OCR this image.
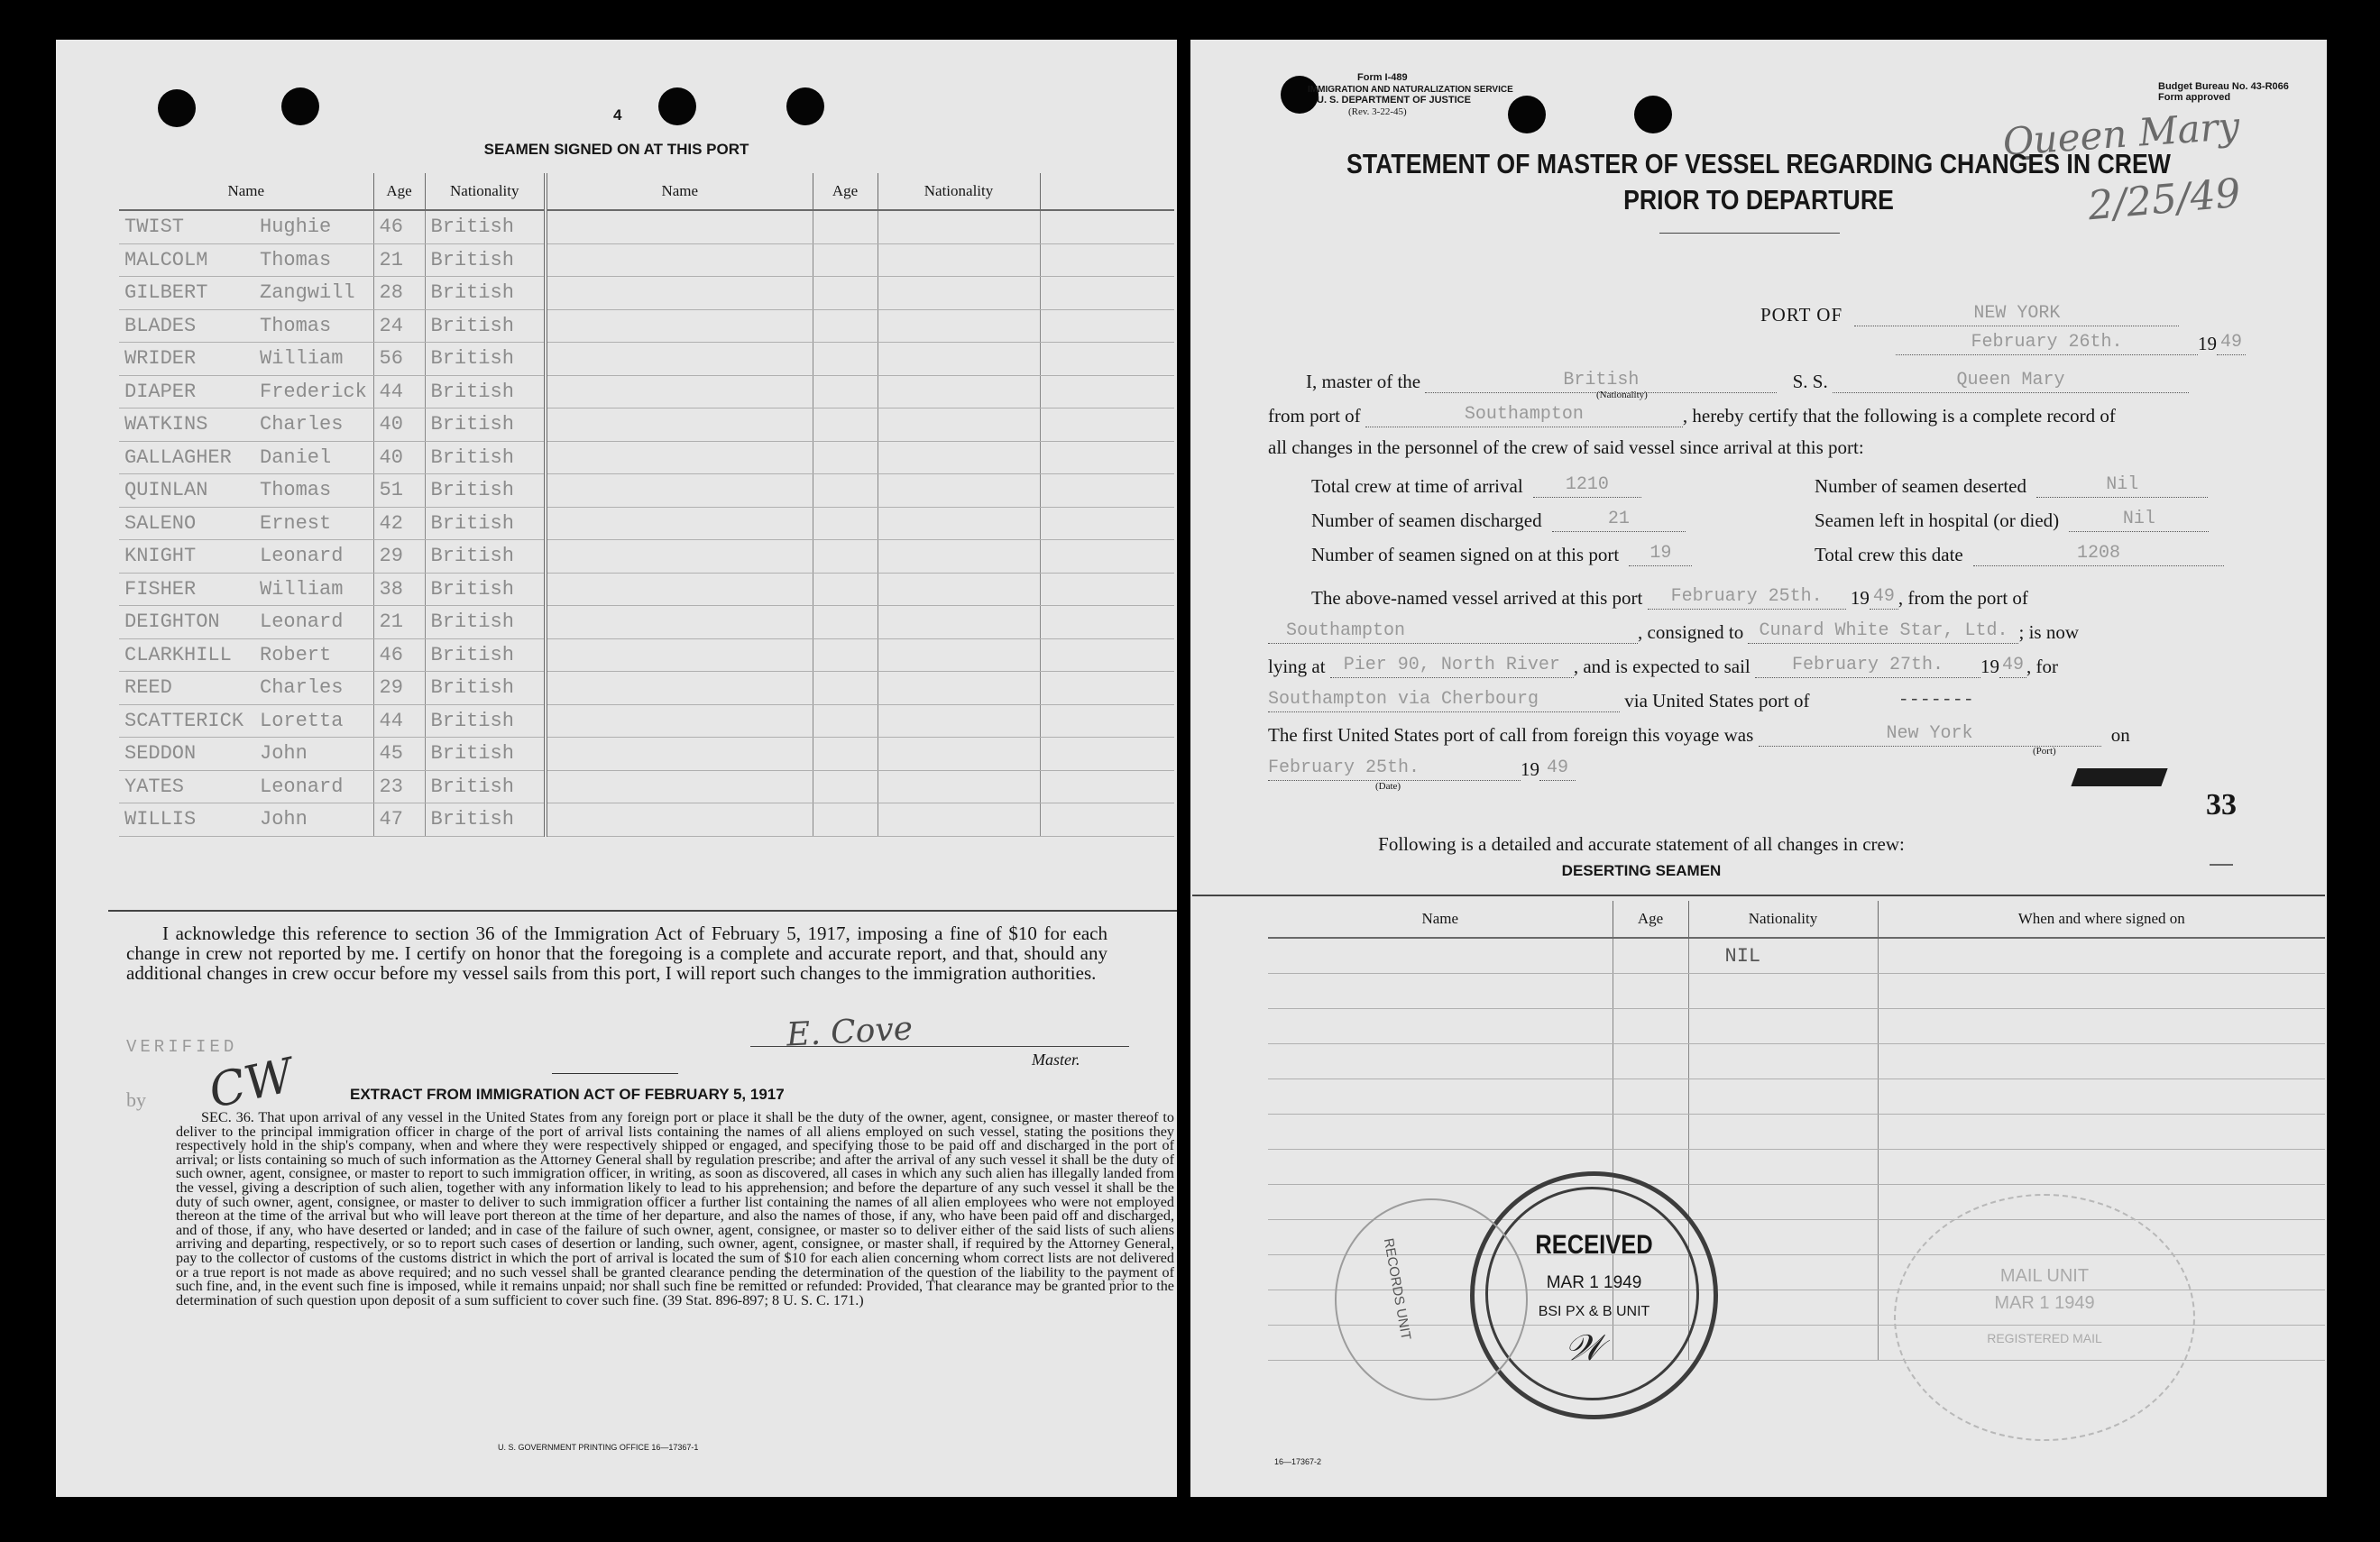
4
SEAMEN SIGNED ON AT THIS PORT
Name	Age	Nationality	Name	Age	Nationality	
TWIST Hughie	46	British				
MALCOLM Thomas	21	British				
GILBERT Zangwill	28	British				
BLADES Thomas	24	British				
WRIDER William	56	British				
DIAPER Frederick	44	British				
WATKINS Charles	40	British				
GALLAGHER Daniel	40	British				
QUINLAN Thomas	51	British				
SALENO Ernest	42	British				
KNIGHT Leonard	29	British				
FISHER William	38	British				
DEIGHTON Leonard	21	British				
CLARKHILL Robert	46	British				
REED Charles	29	British				
SCATTERICK Loretta	44	British				
SEDDON John	45	British				
YATES Leonard	23	British				
WILLIS John	47	British				
I acknowledge this reference to section 36 of the Immigration Act of February 5, 1917, imposing a fine of $10 for each change in crew not reported by me. I certify on honor that the foregoing is a complete and accurate report, and that, should any additional changes in crew occur before my vessel sails from this port, I will report such changes to the immigration authorities.
E. Cove
Master.
VERIFIED
by CW	EXTRACT FROM IMMIGRATION ACT OF FEBRUARY 5, 1917
SEC. 36. That upon arrival of any vessel in the United States from any foreign port or place it shall be the duty of the owner, agent, consignee, or master thereof to deliver to the principal immigration officer in charge of the port of arrival lists containing the names of all aliens employed on such vessel, stating the positions they respectively hold in the ship's company, when and where they were respectively shipped or engaged, and specifying those to be paid off and discharged in the port of arrival; or lists containing so much of such information as the Attorney General shall by regulation prescribe; and after the arrival of any such vessel it shall be the duty of such owner, agent, consignee, or master to report to such immigration officer, in writing, as soon as discovered, all cases in which any such alien has illegally landed from the vessel, giving a description of such alien, together with any information likely to lead to his apprehension; and before the departure of any such vessel it shall be the duty of such owner, agent, consignee, or master to deliver to such immigration officer a further list containing the names of all alien employees who were not employed thereon at the time of the arrival but who will leave port thereon at the time of her departure, and also the names of those, if any, who have been paid off and discharged, and of those, if any, who have deserted or landed; and in case of the failure of such owner, agent, consignee, or master so to deliver either of the said lists of such aliens arriving and departing, respectively, or so to report such cases of desertion or landing, such owner, agent, consignee, or master shall, if required by the Attorney General, pay to the collector of customs of the customs district in which the port of arrival is located the sum of $10 for each alien concerning whom correct lists are not delivered or a true report is not made as above required; and no such vessel shall be granted clearance pending the determination of the question of the liability to the payment of such fine, and, in the event such fine is imposed, while it remains unpaid; nor shall such fine be remitted or refunded: Provided, That clearance may be granted prior to the determination of such question upon deposit of a sum sufficient to cover such fine. (39 Stat. 896-897; 8 U. S. C. 171.)
U. S. GOVERNMENT PRINTING OFFICE 16—17367-1
Form I-489
IMMIGRATION AND NATURALIZATION SERVICE
U. S. DEPARTMENT OF JUSTICE
(Rev. 3-22-45)
Budget Bureau No. 43-R066
Form approved
Queen Mary
2/25/49
STATEMENT OF MASTER OF VESSEL REGARDING CHANGES IN CREW
PRIOR TO DEPARTURE
PORT OF	NEW YORK
February 26th.	19 49
I, master of the	British	S. S.	Queen Mary
(Nationality)
from port of	Southampton	, hereby certify that the following is a complete record of
all changes in the personnel of the crew of said vessel since arrival at this port:
Total crew at time of arrival 1210
Number of seamen discharged	21
Number of seamen signed on at this port 19
Number of seamen deserted	Nil
Seamen left in hospital (or died)	Nil
Total crew this date	1208
The above-named vessel arrived at this port February 25th. 19 49 , from the port of
Southampton	, consigned to Cunard White Star, Ltd. ; is now
lying at Pier 90, North River , and is expected to sail February 27th. 19 49 , for
Southampton via Cherbourg	via United States port of	-------
The first United States port of call from foreign this voyage was	New York	on
(Port)
February 25th.	19 49
(Date)
33
Following is a detailed and accurate statement of all changes in crew:
DESERTING SEAMEN
Name	Age	Nationality	When and where signed on
		NIL	

RECEIVED
MAR 1 1949
BSI PX & B UNIT
𝒲
RECORDS UNIT	MAIL UNIT
MAR 1 1949
REGISTERED MAIL
16—17367-2
